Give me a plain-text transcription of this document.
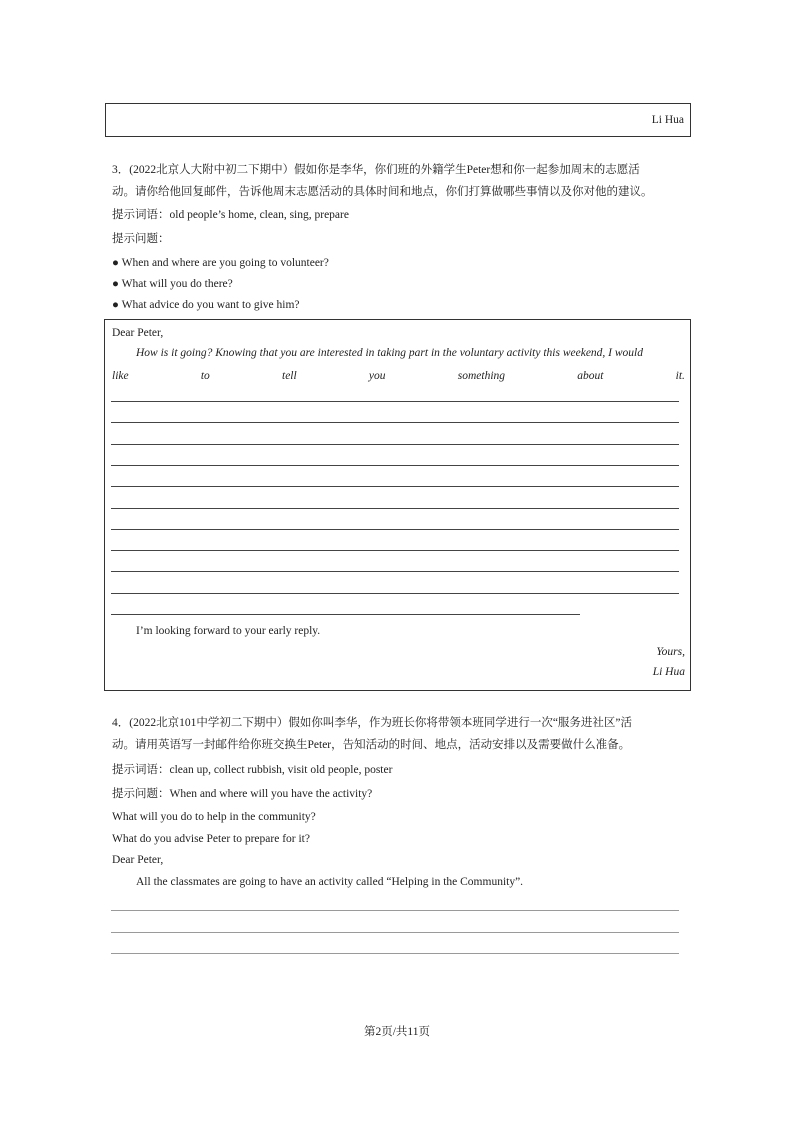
Li Hua
3．(2022北京人大附中初二下期中）假如你是李华，你们班的外籍学生Peter想和你一起参加周末的志愿活
动。请你给他回复邮件，告诉他周末志愿活动的具体时间和地点，你们打算做哪些事情以及你对他的建议。
提示词语：old people’s home, clean, sing, prepare
提示问题：
● When and where are you going to volunteer?
● What will you do there?
● What advice do you want to give him?
Dear Peter,
How is it going? Knowing that you are interested in taking part in the voluntary activity this weekend, I would
like	to	tell	you	something	about	it.
I’m looking forward to your early reply.
Yours,
Li Hua
4．(2022北京101中学初二下期中）假如你叫李华，作为班长你将带领本班同学进行一次“服务进社区”活
动。请用英语写一封邮件给你班交换生Peter，告知活动的时间、地点，活动安排以及需要做什么准备。
提示词语：clean up, collect rubbish, visit old people, poster
提示问题：When and where will you have the activity?
What will you do to help in the community?
What do you advise Peter to prepare for it?
Dear Peter,
All the classmates are going to have an activity called “Helping in the Community”.
第2页/共11页
